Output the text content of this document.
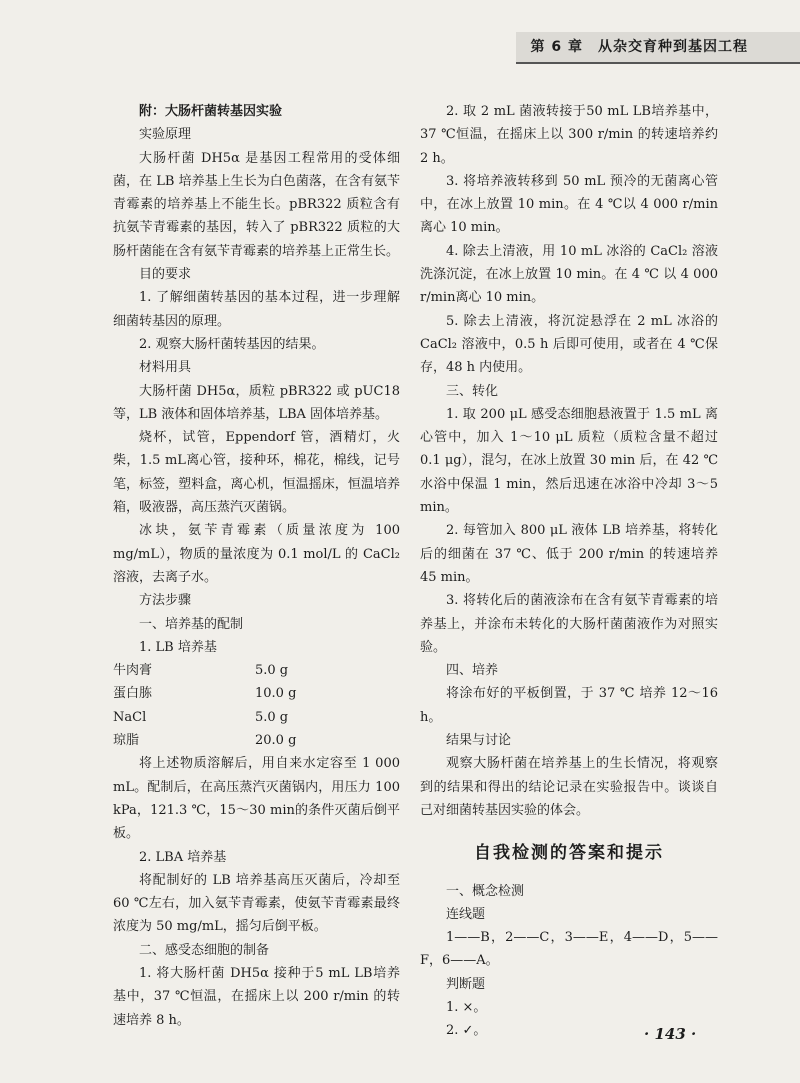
第 6 章　从杂交育种到基因工程
附：大肠杆菌转基因实验
实验原理
大肠杆菌 DH5α 是基因工程常用的受体细菌，在 LB 培养基上生长为白色菌落，在含有氨苄青霉素的培养基上不能生长。pBR322 质粒含有抗氨苄青霉素的基因，转入了 pBR322 质粒的大肠杆菌能在含有氨苄青霉素的培养基上正常生长。
目的要求
1. 了解细菌转基因的基本过程，进一步理解细菌转基因的原理。
2. 观察大肠杆菌转基因的结果。
材料用具
大肠杆菌 DH5α，质粒 pBR322 或 pUC18 等，LB 液体和固体培养基，LBA 固体培养基。
烧杯，试管，Eppendorf 管，酒精灯，火柴，1.5 mL离心管，接种环，棉花，棉线，记号笔，标签，塑料盒，离心机，恒温摇床，恒温培养箱，吸液器，高压蒸汽灭菌锅。
冰块，氨苄青霉素（质量浓度为 100 mg/mL），物质的量浓度为 0.1 mol/L 的 CaCl₂ 溶液，去离子水。
方法步骤
一、培养基的配制
1. LB 培养基
牛肉膏	5.0 g
蛋白胨	10.0 g
NaCl	5.0 g
琼脂	20.0 g
将上述物质溶解后，用自来水定容至 1 000 mL。配制后，在高压蒸汽灭菌锅内，用压力 100 kPa，121.3 ℃，15～30 min的条件灭菌后倒平板。
2. LBA 培养基
将配制好的 LB 培养基高压灭菌后，冷却至 60 ℃左右，加入氨苄青霉素，使氨苄青霉素最终浓度为 50 mg/mL，摇匀后倒平板。
二、感受态细胞的制备
1. 将大肠杆菌 DH5α 接种于5 mL LB培养基中，37 ℃恒温，在摇床上以 200 r/min 的转速培养 8 h。
2. 取 2 mL 菌液转接于50 mL LB培养基中，37 ℃恒温，在摇床上以 300 r/min 的转速培养约2 h。
3. 将培养液转移到 50 mL 预冷的无菌离心管中，在冰上放置 10 min。在 4 ℃以 4 000 r/min 离心 10 min。
4. 除去上清液，用 10 mL 冰浴的 CaCl₂ 溶液洗涤沉淀，在冰上放置 10 min。在 4 ℃ 以 4 000 r/min离心 10 min。
5. 除去上清液，将沉淀悬浮在 2 mL 冰浴的 CaCl₂ 溶液中，0.5 h 后即可使用，或者在 4 ℃保存，48 h 内使用。
三、转化
1. 取 200 μL 感受态细胞悬液置于 1.5 mL 离心管中，加入 1～10 μL 质粒（质粒含量不超过 0.1 μg），混匀，在冰上放置 30 min 后，在 42 ℃水浴中保温 1 min，然后迅速在冰浴中冷却 3～5 min。
2. 每管加入 800 μL 液体 LB 培养基，将转化后的细菌在 37 ℃、低于 200 r/min 的转速培养 45 min。
3. 将转化后的菌液涂布在含有氨苄青霉素的培养基上，并涂布未转化的大肠杆菌菌液作为对照实验。
四、培养
将涂布好的平板倒置，于 37 ℃ 培养 12～16 h。
结果与讨论
观察大肠杆菌在培养基上的生长情况，将观察到的结果和得出的结论记录在实验报告中。谈谈自己对细菌转基因实验的体会。
自我检测的答案和提示
一、概念检测
连线题
1——B，2——C，3——E，4——D，5——F，6——A。
判断题
1. ×。
2. ✓。	· 143 ·
